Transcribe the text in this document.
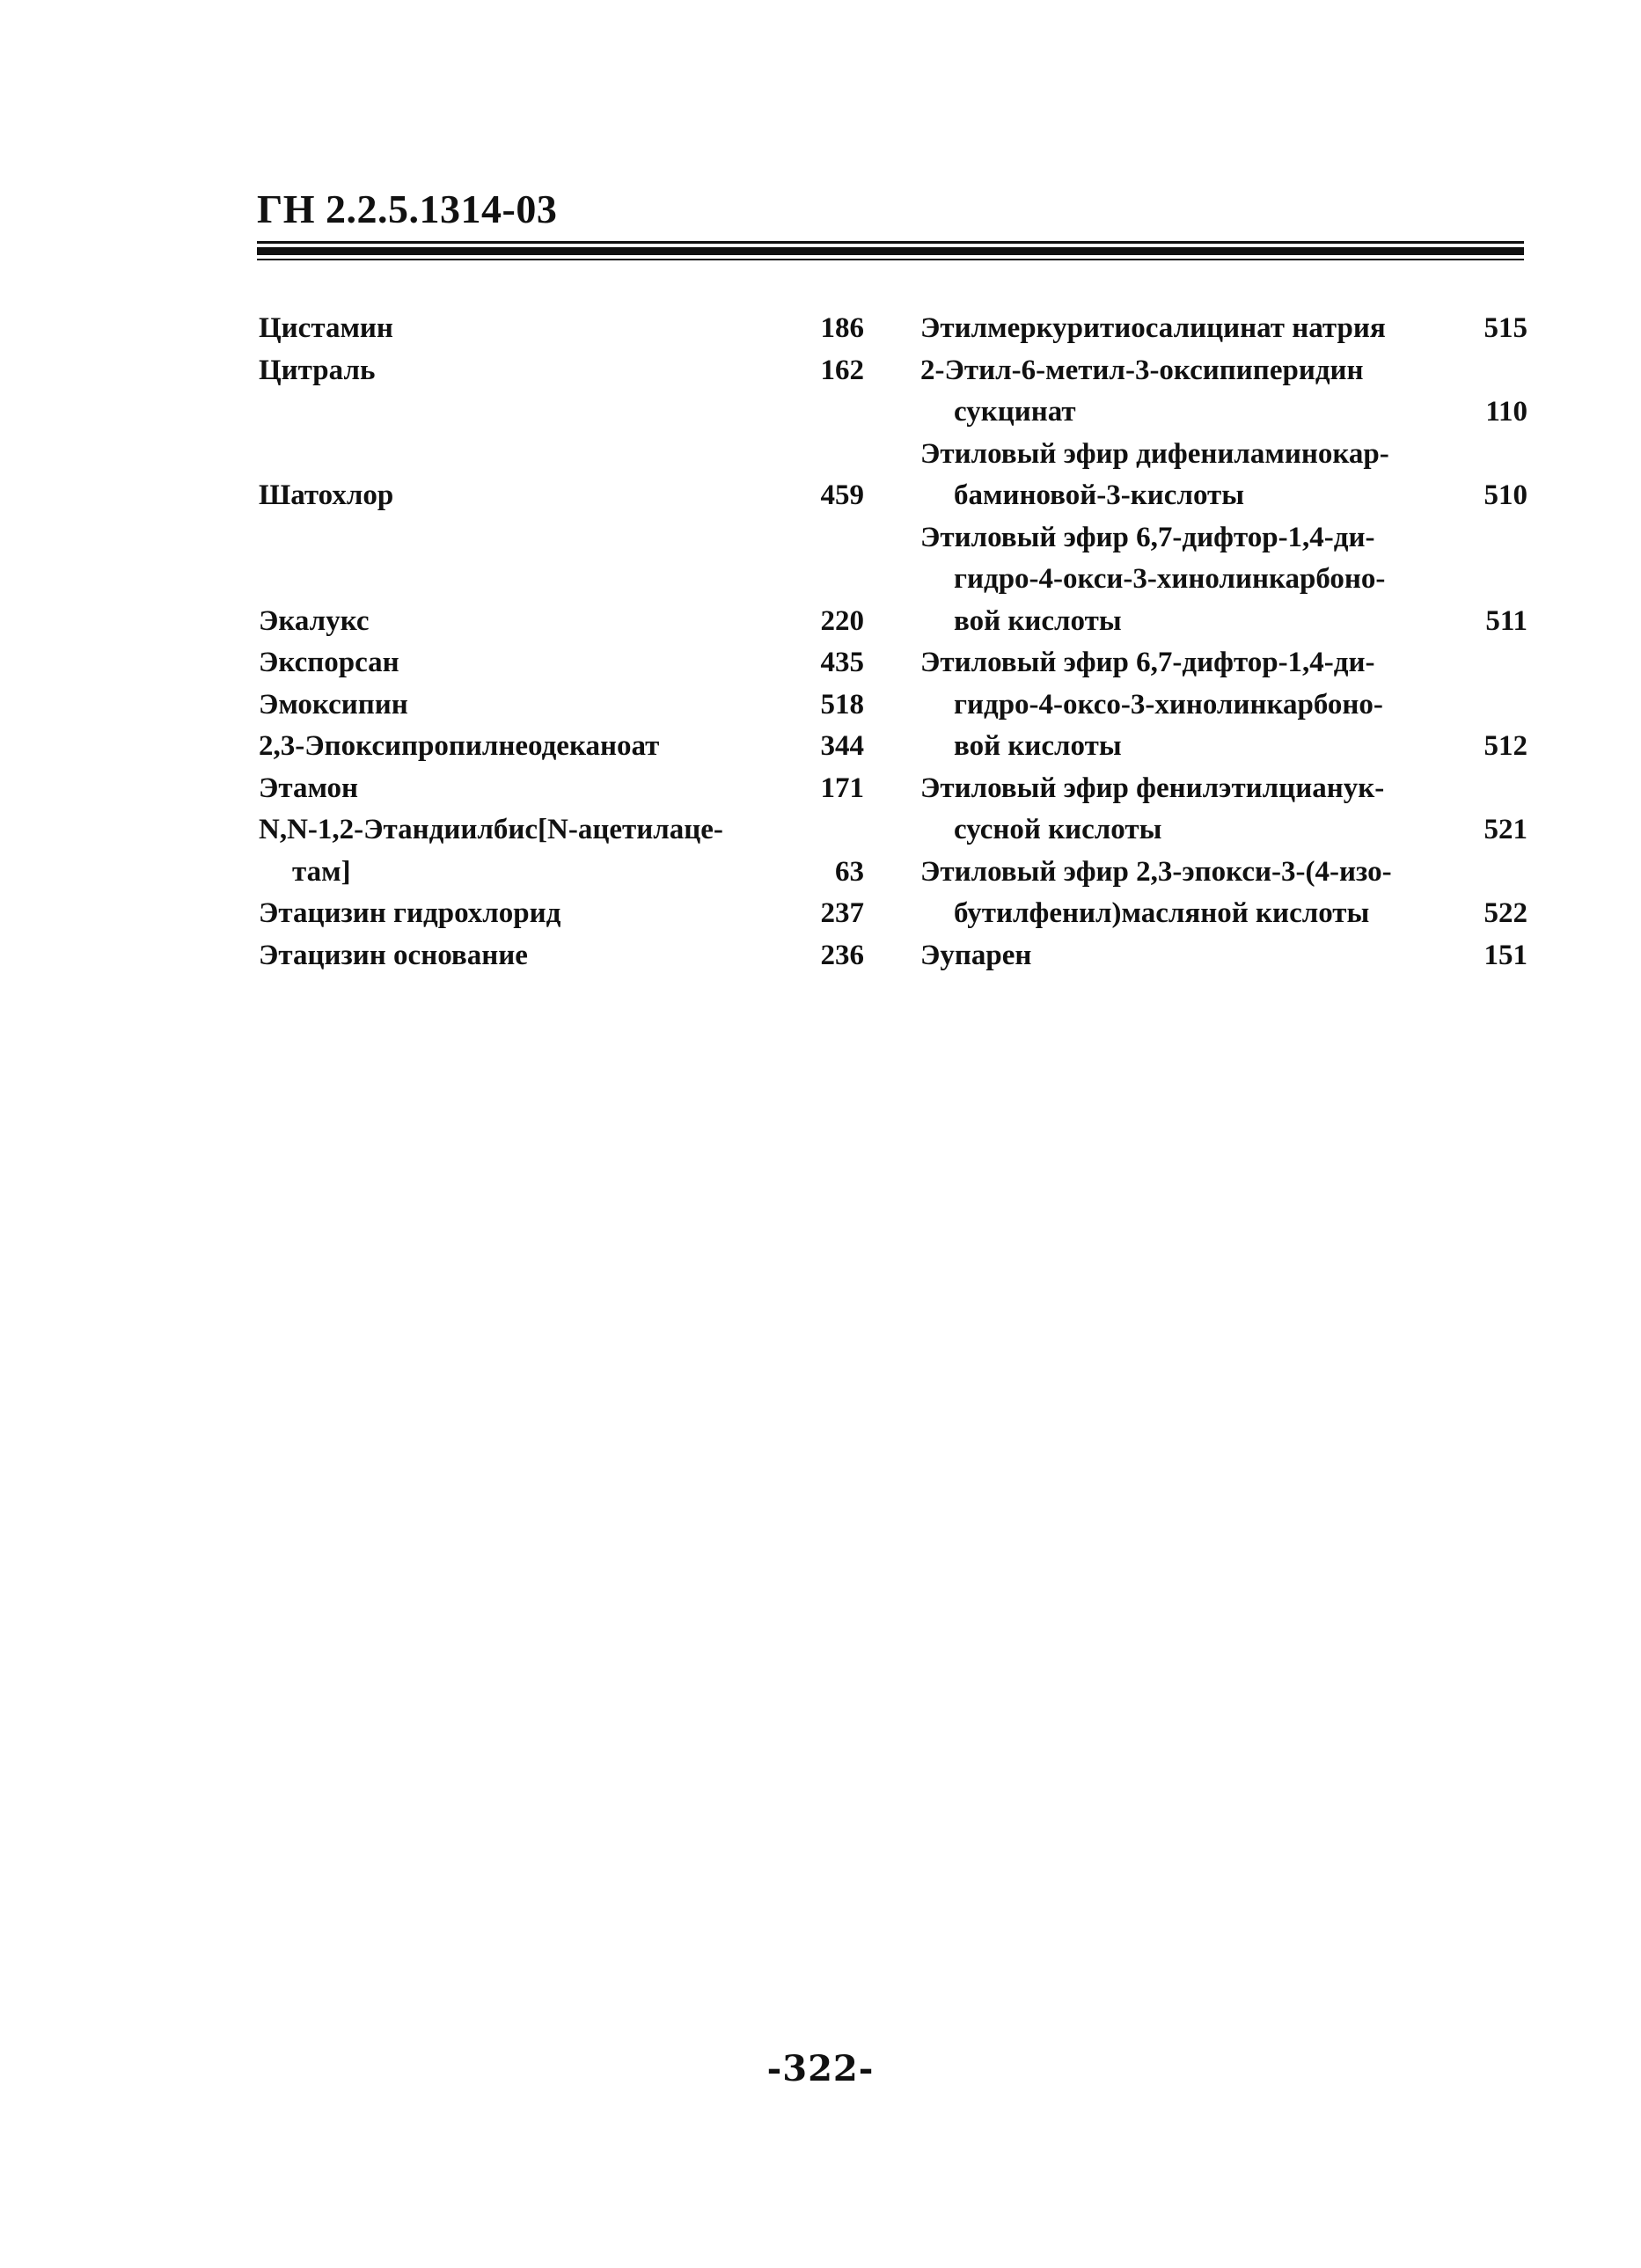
ГН 2.2.5.1314-03
Цистамин	186
Цитраль	162
Шатохлор	459
Экалукс	220
Экспорсан	435
Эмоксипин	518
2,3-Эпоксипропилнеодеканоат	344
Этамон	171
N,N-1,2-Этандиилбис[N-ацетилаце-
там]	63
Этацизин гидрохлорид	237
Этацизин основание	236
Этилмеркуритиосалицинат натрия	515
2-Этил-6-метил-3-оксипиперидин
сукцинат	110
Этиловый эфир дифениламинокар-
баминовой-3-кислоты	510
Этиловый эфир 6,7-дифтор-1,4-ди-
гидро-4-окси-3-хинолинкарбоно-
вой кислоты	511
Этиловый эфир 6,7-дифтор-1,4-ди-
гидро-4-оксо-3-хинолинкарбоно-
вой кислоты	512
Этиловый эфир фенилэтилцианук-
сусной кислоты	521
Этиловый эфир 2,3-эпокси-3-(4-изо-
бутилфенил)масляной кислоты	522
Эупарен	151
-322-
